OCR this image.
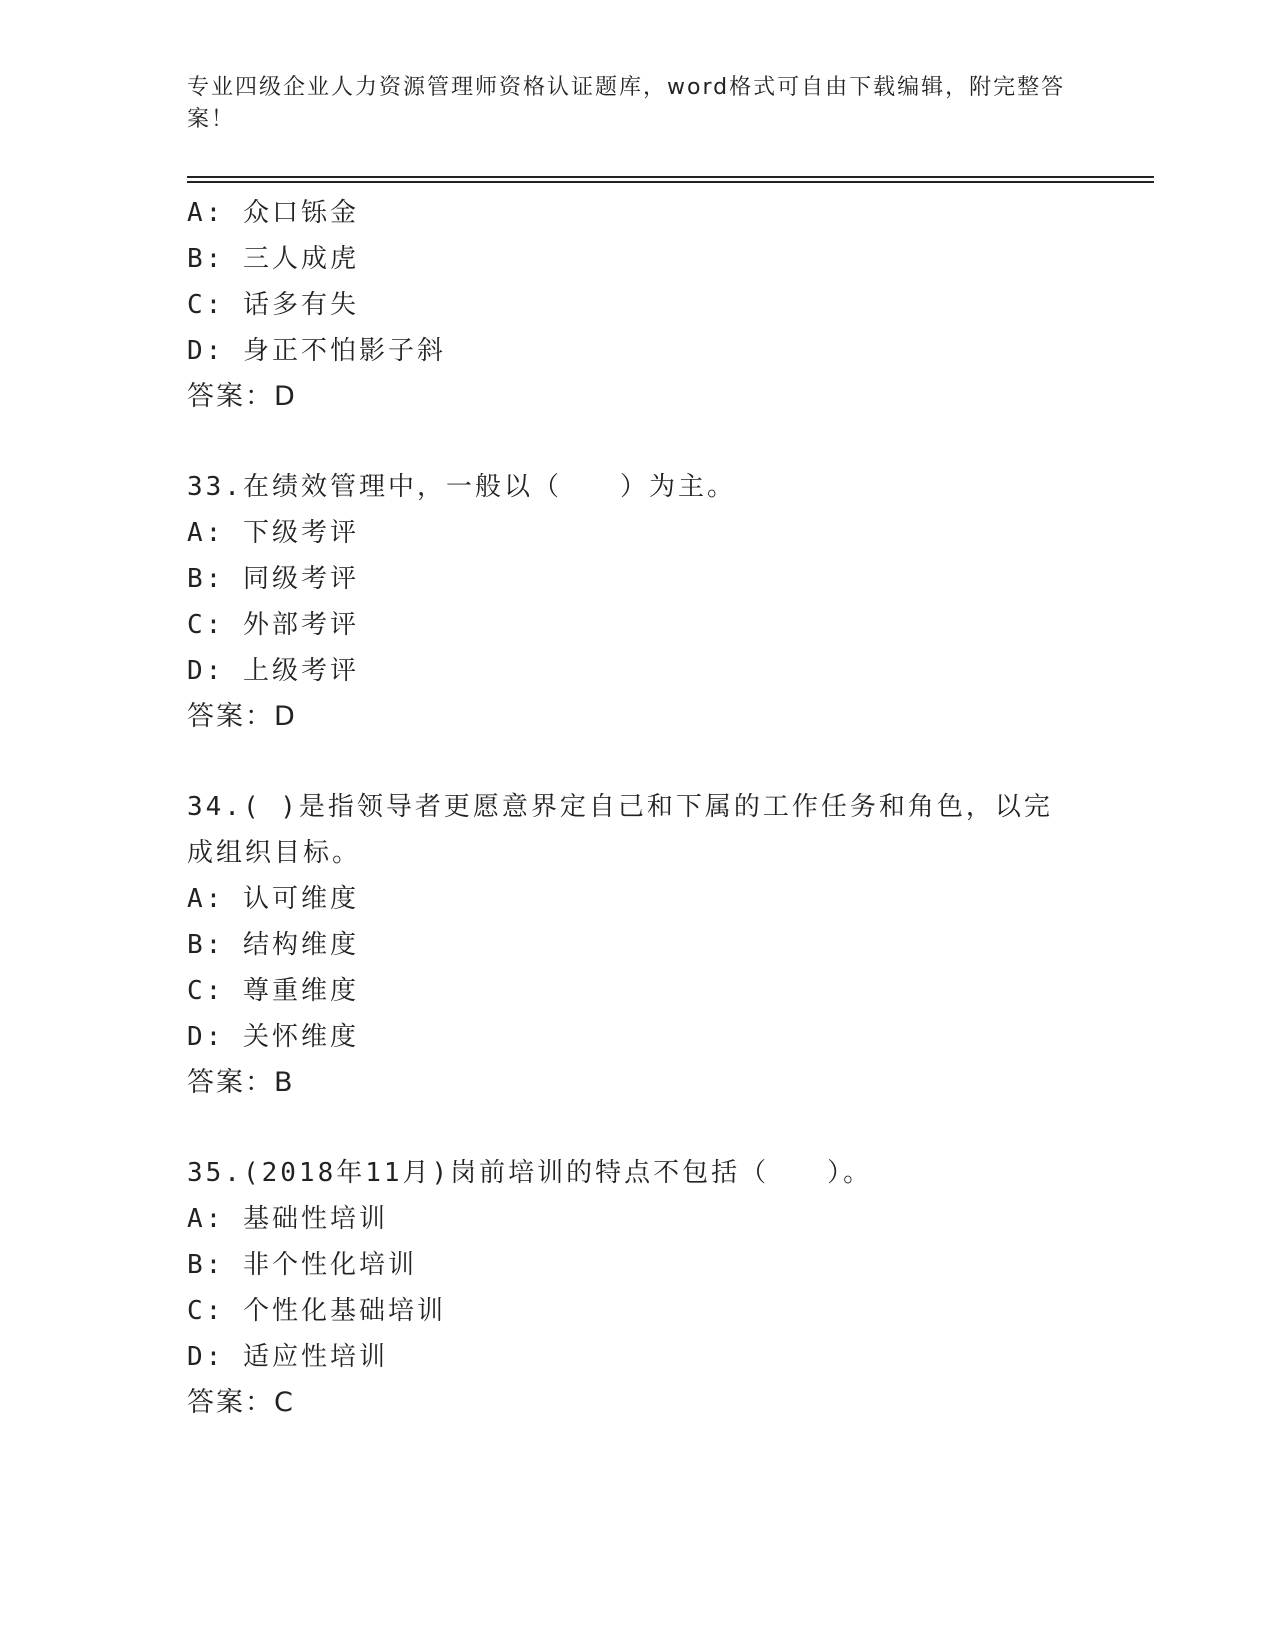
专业四级企业人力资源管理师资格认证题库，word格式可自由下载编辑，附完整答案！
A: 众口铄金
B: 三人成虎
C: 话多有失
D: 身正不怕影子斜
答案：D
33.在绩效管理中，一般以（　　）为主。
A: 下级考评
B: 同级考评
C: 外部考评
D: 上级考评
答案：D
34.( )是指领导者更愿意界定自己和下属的工作任务和角色，以完成组织目标。
A: 认可维度
B: 结构维度
C: 尊重维度
D: 关怀维度
答案：B
35.(2018年11月)岗前培训的特点不包括（　　）。
A: 基础性培训
B: 非个性化培训
C: 个性化基础培训
D: 适应性培训
答案：C
